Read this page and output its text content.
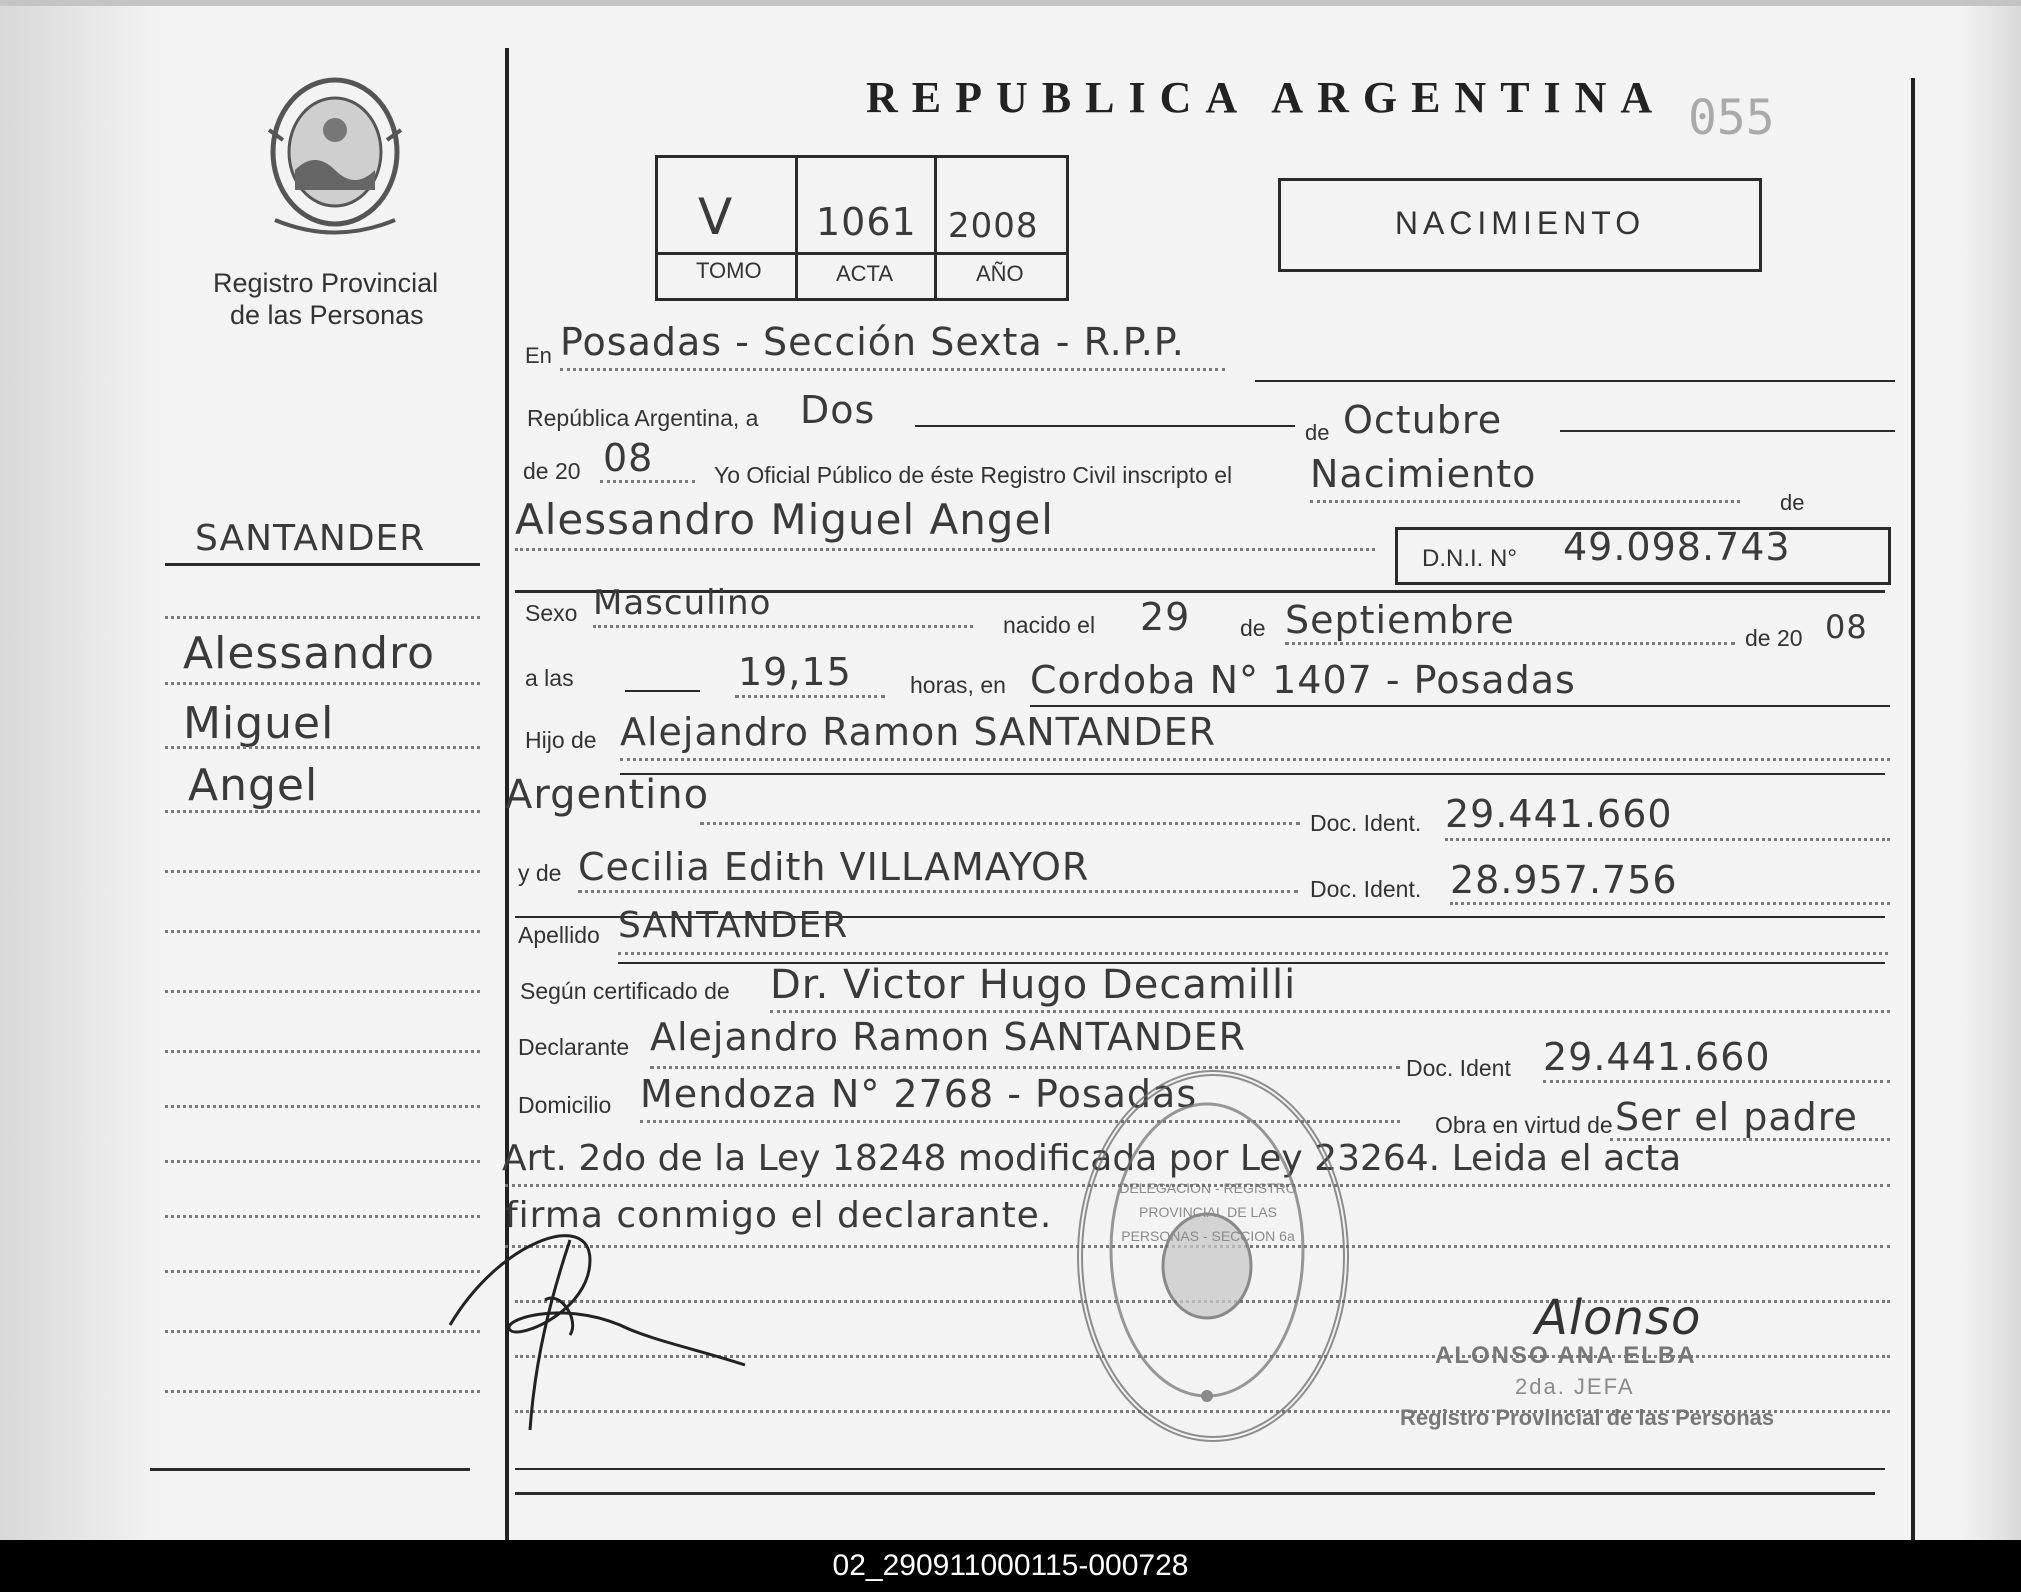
Registro Provincial
de las Personas
SANTANDER
Alessandro
Miguel
Angel
REPUBLICA ARGENTINA 055
V 1061 2008
TOMO	ACTA	AÑO
NACIMIENTO
En Posadas - Sección Sexta - R.P.P.
República Argentina, a Dos
de Octubre
de 20 08	Yo Oficial Público de éste Registro Civil inscripto el Nacimiento
de
Alessandro Miguel Angel
D.N.I. N° 49.098.743
Sexo Masculino
nacido el 29 de Septiembre	de 20 08
a las	19,15	horas, en Cordoba N° 1407 - Posadas
Hijo de Alejandro Ramon SANTANDER
Argentino
Doc. Ident. 29.441.660
y de Cecilia Edith VILLAMAYOR	Doc. Ident. 28.957.756
Apellido SANTANDER
Según certificado de Dr. Victor Hugo Decamilli
Declarante Alejandro Ramon SANTANDER
Doc. Ident 29.441.660
Domicilio Mendoza N° 2768 - Posadas
Obra en virtud de Ser el padre
Art. 2do de la Ley 18248 modificada por Ley 23264. Leida el acta
firma conmigo el declarante.
DELEGACION - REGISTRO PROVINCIAL DE LAS PERSONAS - SECCION 6a
Alonso
ALONSO ANA ELBA
2da. JEFA
Registro Provincial de las Personas
02_290911000115-000728
